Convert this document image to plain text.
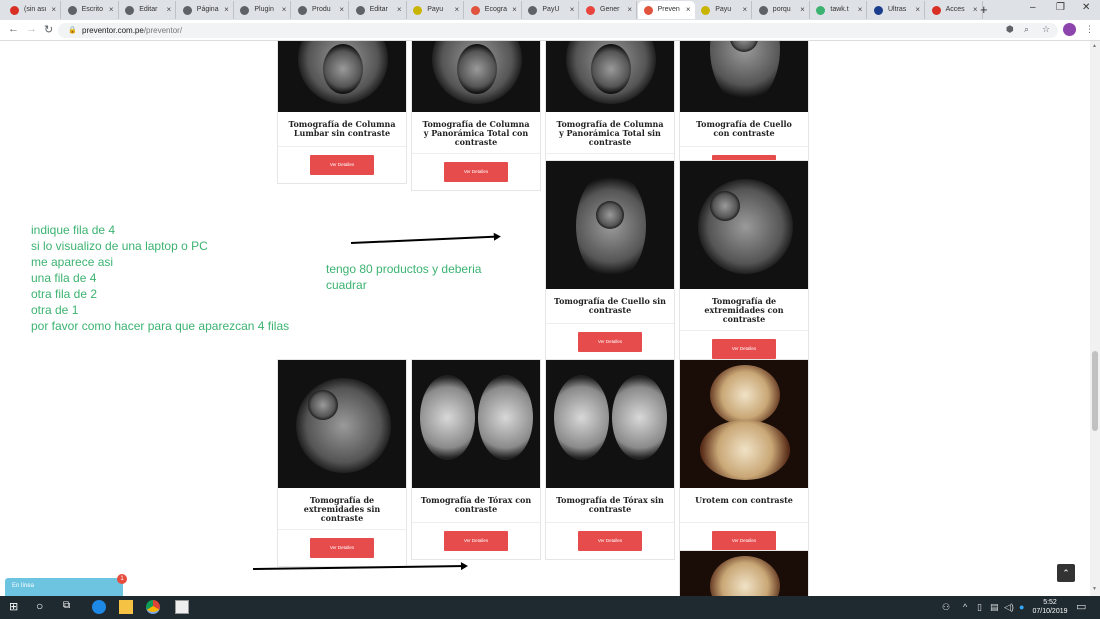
(sin ası ×	Escrito ×	Editar ×	Página ×	Plugin ×	Produ ×	Editar ×	Payu ×	Ecogra ×	PayU ×	Gener ×	Preven ×	Payu ×	porqu ×	tawk.t ×	Ultras ×	Acces × +	– ❐ ✕
← → ↻ 🔒 preventor.com.pe/preventor/	⬢ ⌕ ☆	⋮
Tomografía de Columna Lumbar sin contraste
Ver Detalles
Tomografía de Columna y Panorámica Total con contraste
Ver Detalles
Tomografía de Columna y Panorámica Total sin contraste
Tomografía de Cuello con contraste
Tomografía de Cuello sin contraste
Ver Detalles
Tomografía de extremidades con contraste
Ver Detalles
Tomografía de extremidades sin contraste
Ver Detalles
Tomografía de Tórax con contraste
Ver Detalles
Tomografía de Tórax sin contraste
Ver Detalles
Urotem con contraste
Ver Detalles
indique fila de 4
si lo visualizo de una laptop o PC
me aparece asi
una fila de 4
otra fila de 2
otra de 1
por favor como hacer para que aparezcan 4 filas
tengo 80 productos y deberia
cuadrar
▲
▼
En línea
1
⌃
⊞ ○ ⧉	⚇ ^ ▯ ▤ ◁) ●	5:52
07/10/2019 ▭
